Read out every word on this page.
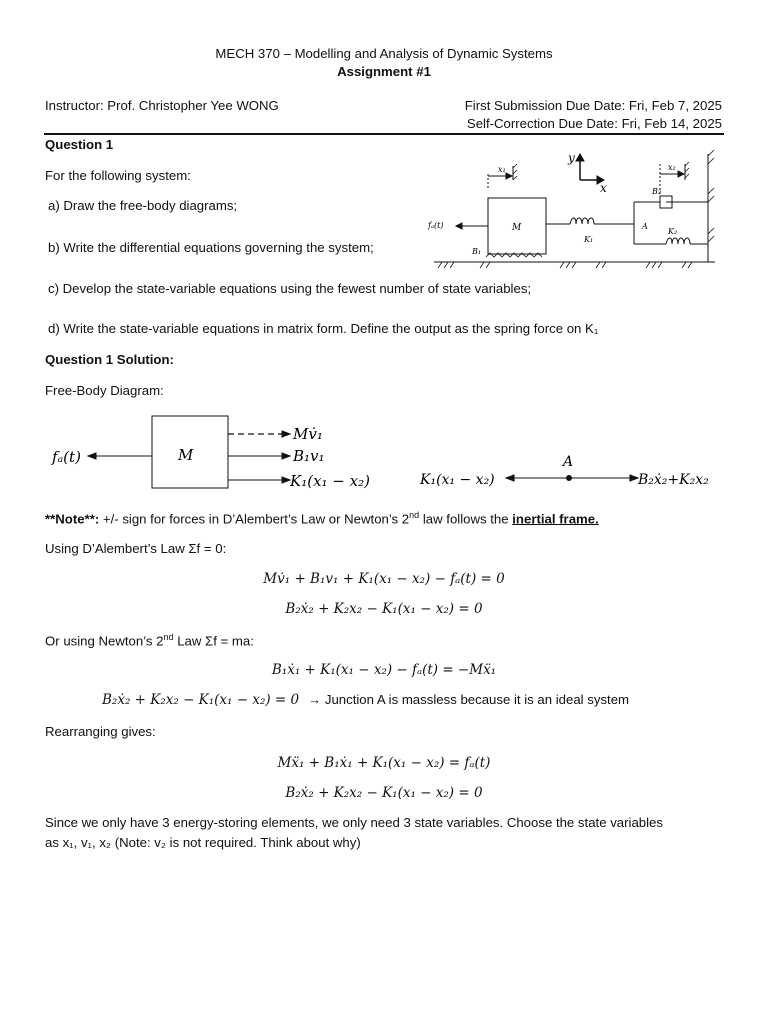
MECH 370 – Modelling and Analysis of Dynamic Systems
Assignment #1
Instructor: Prof. Christopher Yee WONG	First Submission Due Date: Fri, Feb 7, 2025
Self-Correction Due Date: Fri, Feb 14, 2025
Question 1
For the following system:
a) Draw the free-body diagrams;
b) Write the differential equations governing the system;
c) Develop the state-variable equations using the fewest number of state variables;
d) Write the state-variable equations in matrix form. Define the output as the spring force on K₁
x₁	x₂
y
x
fₐ(t)	M
B₁
K₁
A
B₂
K₂
Question 1 Solution:
Free-Body Diagram:
fₐ(t)	M
Mv̇₁
B₁v₁
K₁(x₁ − x₂)	K₁(x₁ − x₂)
A
B₂ẋ₂+K₂x₂
**Note**: +/- sign for forces in D’Alembert’s Law or Newton’s 2nd law follows the inertial frame.
Using D’Alembert’s Law Σf = 0:
Mv̇₁ + B₁v₁ + K₁(x₁ − x₂) − fₐ(t) = 0
B₂ẋ₂ + K₂x₂ − K₁(x₁ − x₂) = 0
Or using Newton’s 2nd Law Σf = ma:
B₁ẋ₁ + K₁(x₁ − x₂) − fₐ(t) = −Mẍ₁
B₂ẋ₂ + K₂x₂ − K₁(x₁ − x₂) = 0 → Junction A is massless because it is an ideal system
Rearranging gives:
Mẍ₁ + B₁ẋ₁ + K₁(x₁ − x₂) = fₐ(t)
B₂ẋ₂ + K₂x₂ − K₁(x₁ − x₂) = 0
Since we only have 3 energy-storing elements, we only need 3 state variables. Choose the state variables
as x₁, v₁, x₂ (Note: v₂ is not required. Think about why)
